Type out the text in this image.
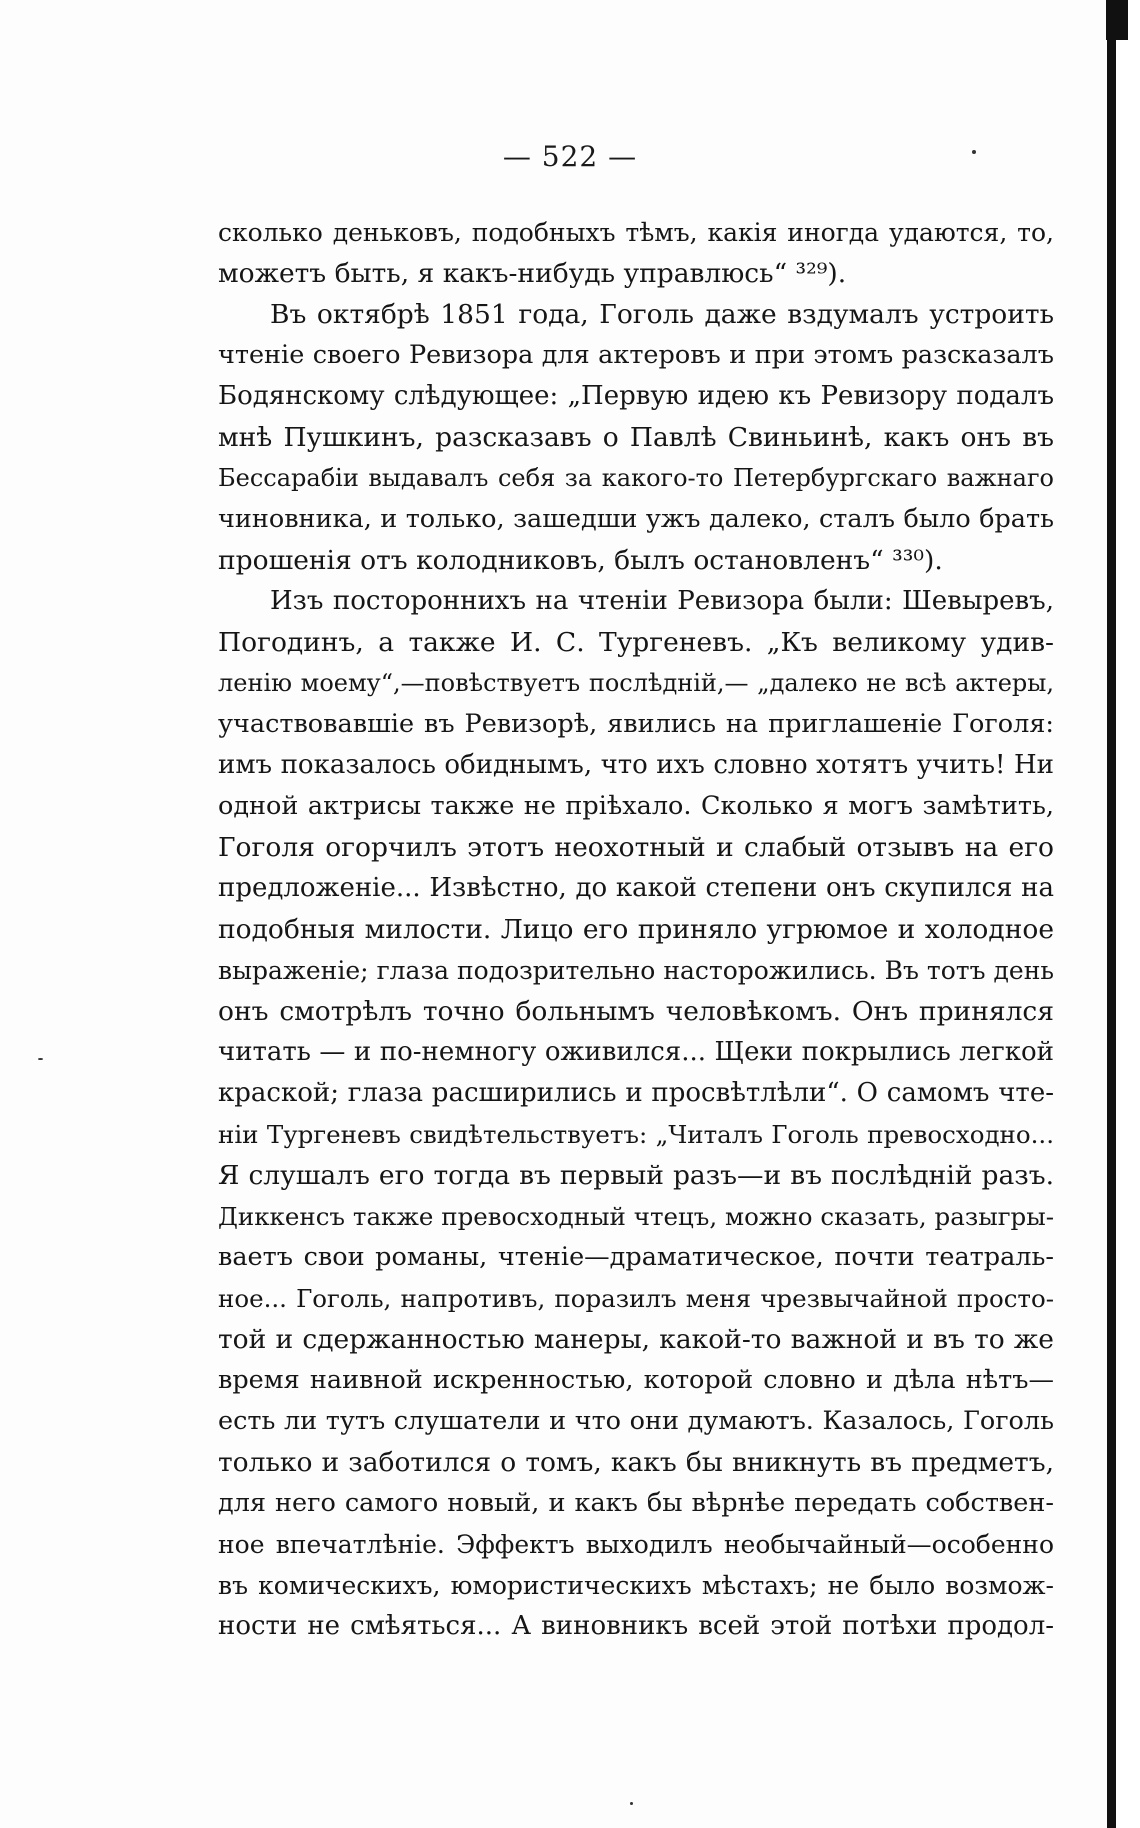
— 522 —
сколько деньковъ, подобныхъ тѣмъ, какія иногда удаются, то,
можетъ быть, я какъ-нибудь управлюсь“ ³²⁹).
Въ октябрѣ 1851 года, Гоголь даже вздумалъ устроить
чтеніе своего Ревизора для актеровъ и при этомъ разсказалъ
Бодянскому слѣдующее: „Первую идею къ Ревизору подалъ
мнѣ Пушкинъ, разсказавъ о Павлѣ Свиньинѣ, какъ онъ въ
Бессарабіи выдавалъ себя за какого-то Петербургскаго важнаго
чиновника, и только, зашедши ужъ далеко, сталъ было брать
прошенія отъ колодниковъ, былъ остановленъ“ ³³⁰).
Изъ постороннихъ на чтеніи Ревизора были: Шевыревъ,
Погодинъ, а также И. С. Тургеневъ. „Къ великому удив-
ленію моему“,—повѣствуетъ послѣдній,— „далеко не всѣ актеры,
участвовавшіе въ Ревизорѣ, явились на приглашеніе Гоголя:
имъ показалось обиднымъ, что ихъ словно хотятъ учить! Ни
одной актрисы также не пріѣхало. Сколько я могъ замѣтить,
Гоголя огорчилъ этотъ неохотный и слабый отзывъ на его
предложеніе... Извѣстно, до какой степени онъ скупился на
подобныя милости. Лицо его приняло угрюмое и холодное
выраженіе; глаза подозрительно насторожились. Въ тотъ день
онъ смотрѣлъ точно больнымъ человѣкомъ. Онъ принялся
читать — и по-немногу оживился... Щеки покрылись легкой
краской; глаза расширились и просвѣтлѣли“. О самомъ чте-
ніи Тургеневъ свидѣтельствуетъ: „Читалъ Гоголь превосходно...
Я слушалъ его тогда въ первый разъ—и въ послѣдній разъ.
Диккенсъ также превосходный чтецъ, можно сказать, разыгры-
ваетъ свои романы, чтеніе—драматическое, почти театраль-
ное... Гоголь, напротивъ, поразилъ меня чрезвычайной просто-
той и сдержанностью манеры, какой-то важной и въ то же
время наивной искренностью, которой словно и дѣла нѣтъ—
есть ли тутъ слушатели и что они думаютъ. Казалось, Гоголь
только и заботился о томъ, какъ бы вникнуть въ предметъ,
для него самого новый, и какъ бы вѣрнѣе передать собствен-
ное впечатлѣніе. Эффектъ выходилъ необычайный—особенно
въ комическихъ, юмористическихъ мѣстахъ; не было возмож-
ности не смѣяться... А виновникъ всей этой потѣхи продол-
